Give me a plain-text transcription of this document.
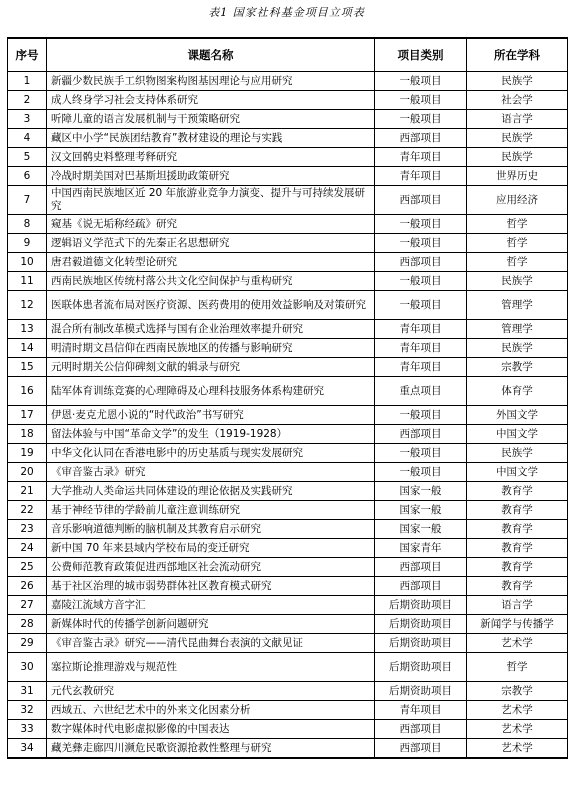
表1 国家社科基金项目立项表
序号	课题名称	项目类别	所在学科
1	新疆少数民族手工织物图案构图基因理论与应用研究	一般项目	民族学
2	成人终身学习社会支持体系研究	一般项目	社会学
3	听障儿童的语言发展机制与干预策略研究	一般项目	语言学
4	藏区中小学“民族团结教育”教材建设的理论与实践	西部项目	民族学
5	汉文回鹘史料整理考释研究	青年项目	民族学
6	冷战时期美国对巴基斯坦援助政策研究	青年项目	世界历史
7	中国西南民族地区近 20 年旅游业竞争力演变、提升与可持续发展研究	西部项目	应用经济
8	窥基《说无垢称经疏》研究	一般项目	哲学
9	逻辑语义学范式下的先秦正名思想研究	一般项目	哲学
10	唐君毅道德文化转型论研究	西部项目	哲学
11	西南民族地区传统村落公共文化空间保护与重构研究	一般项目	民族学
12	医联体患者流布局对医疗资源、医药费用的使用效益影响及对策研究	一般项目	管理学
13	混合所有制改革模式选择与国有企业治理效率提升研究	青年项目	管理学
14	明清时期文昌信仰在西南民族地区的传播与影响研究	青年项目	民族学
15	元明时期关公信仰碑刻文献的辑录与研究	青年项目	宗教学
16	陆军体育训练竞赛的心理障碍及心理科技服务体系构建研究	重点项目	体育学
17	伊恩·麦克尤恩小说的“时代政治”书写研究	一般项目	外国文学
18	留法体验与中国“革命文学”的发生（1919-1928）	西部项目	中国文学
19	中华文化认同在香港电影中的历史基质与现实发展研究	一般项目	民族学
20	《审音鉴古录》研究	一般项目	中国文学
21	大学推动人类命运共同体建设的理论依据及实践研究	国家一般	教育学
22	基于神经节律的学龄前儿童注意训练研究	国家一般	教育学
23	音乐影响道德判断的脑机制及其教育启示研究	国家一般	教育学
24	新中国 70 年来县域内学校布局的变迁研究	国家青年	教育学
25	公费师范教育政策促进西部地区社会流动研究	西部项目	教育学
26	基于社区治理的城市弱势群体社区教育模式研究	西部项目	教育学
27	嘉陵江流域方音字汇	后期资助项目	语言学
28	新媒体时代的传播学创新问题研究	后期资助项目	新闻学与传播学
29	《审音鉴古录》研究——清代昆曲舞台表演的文献见证	后期资助项目	艺术学
30	塞拉斯论推理游戏与规范性	后期资助项目	哲学
31	元代玄教研究	后期资助项目	宗教学
32	西域五、六世纪艺术中的外来文化因素分析	青年项目	艺术学
33	数字媒体时代电影虚拟影像的中国表达	西部项目	艺术学
34	藏羌彝走廊四川濒危民歌资源抢救性整理与研究	西部项目	艺术学
